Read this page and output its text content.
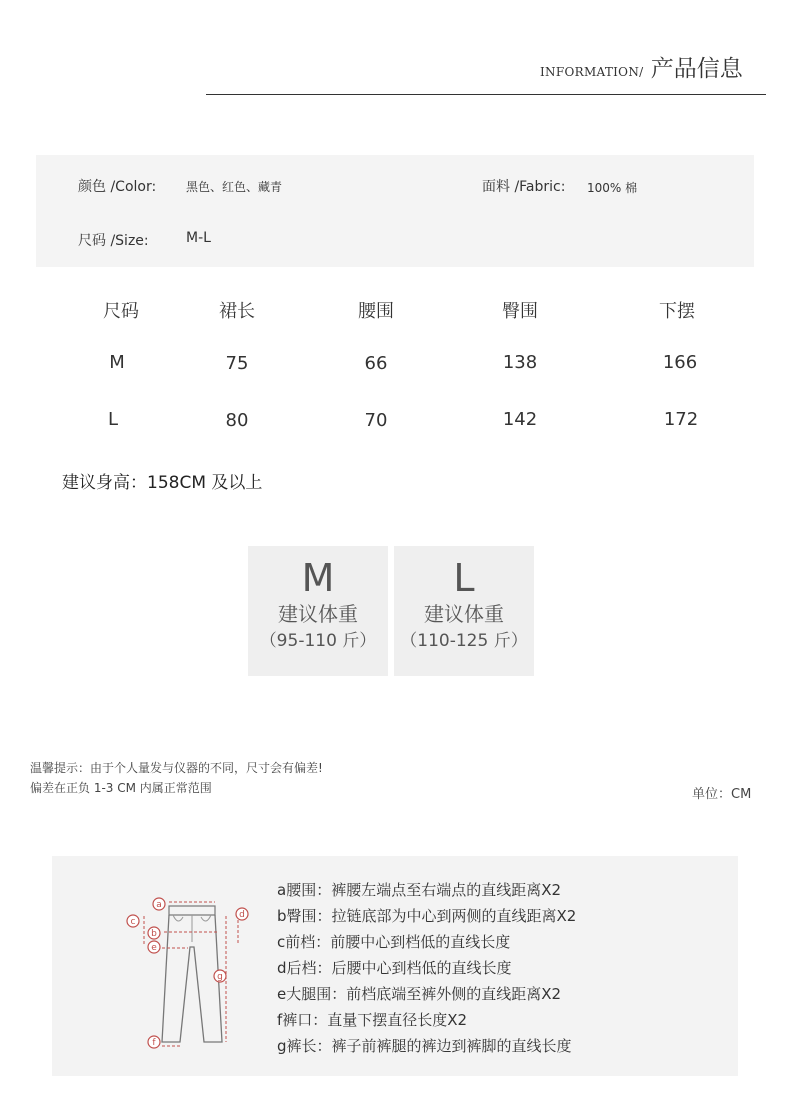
INFORMATION/ 产品信息
颜色 /Color: 黑色、红色、藏青	面料 /Fabric: 100% 棉
尺码 /Size:	M-L
尺码	裙长	腰围	臀围	下摆
M	75	66	138	166
L	80	70	142	172
建议身高：158CM 及以上
M
建议体重
（95-110 斤）
L
建议体重
（110-125 斤）
温馨提示：由于个人量发与仪器的不同，尺寸会有偏差!
偏差在正负 1-3 CM 内属正常范围	单位：CM
a
b
c
d
e
f
g
a腰围：裤腰左端点至右端点的直线距离X2
b臀围：拉链底部为中心到两侧的直线距离X2
c前档：前腰中心到档低的直线长度
d后档：后腰中心到档低的直线长度
e大腿围：前档底端至裤外侧的直线距离X2
f裤口：直量下摆直径长度X2
g裤长：裤子前裤腿的裤边到裤脚的直线长度
